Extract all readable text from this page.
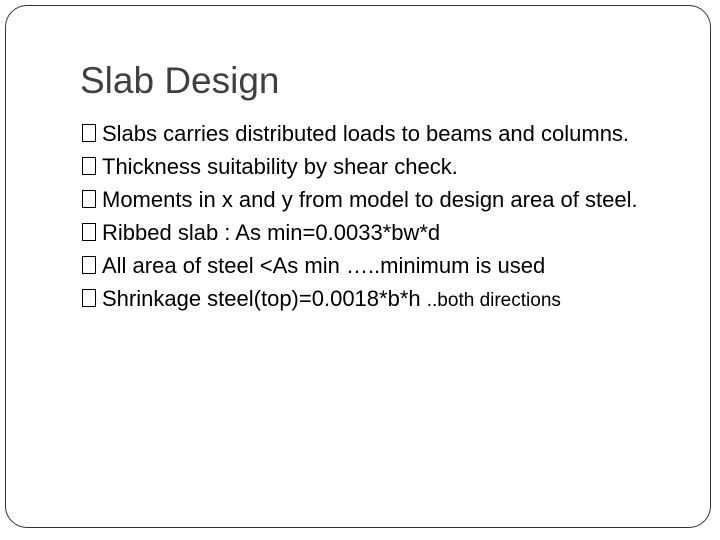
Slab Design
Slabs carries distributed loads to beams and columns.
Thickness suitability by shear check.
Moments in x and y from model to design area of steel.
Ribbed slab : As min=0.0033*bw*d
All area of steel <As min …..minimum is used
Shrinkage steel(top)=0.0018*b*h ..both directions
